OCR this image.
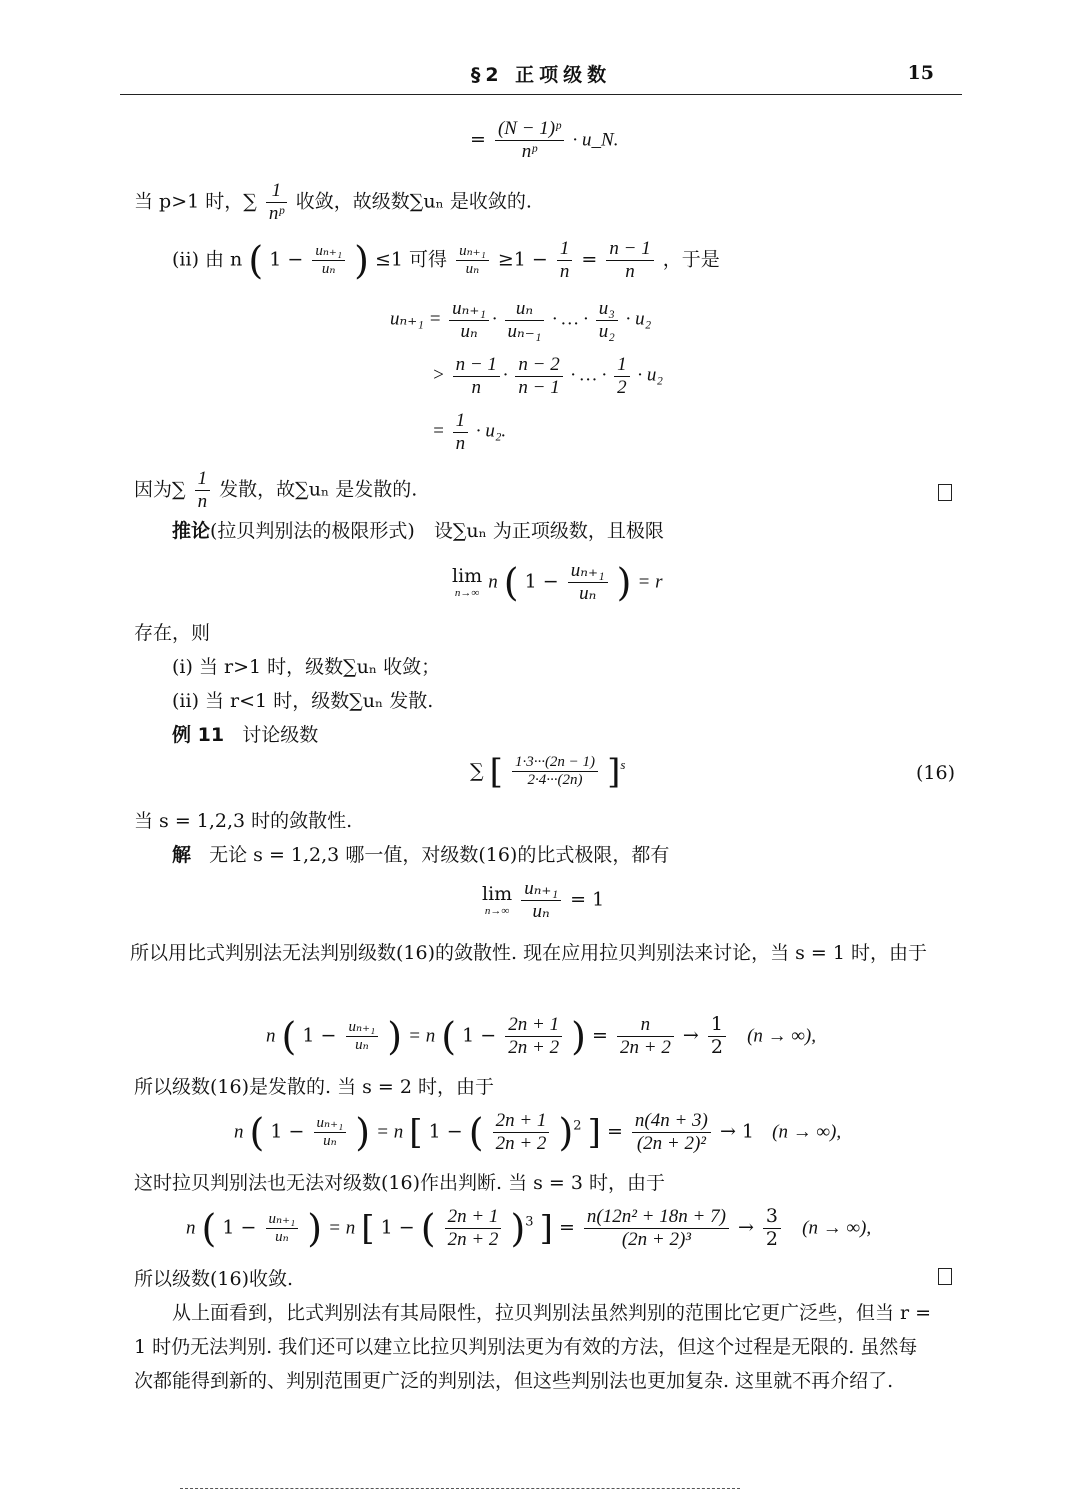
§2 正项级数	15
= $\frac{\text{(N − 1)ᵖ}}{\text{nᵖ}}$ · u_N.
当 p>1 时，∑ $\frac{1}{\text{nᵖ}}$ 收敛，故级数∑uₙ 是收敛的.
(ii) 由 n ( $1 - \frac{\text{uₙ₊₁}}{\text{uₙ}}$ ) ≤1 可得 $\frac{\text{uₙ₊₁}}{\text{uₙ}} \ge 1 - \frac{1}{n} = \frac{n - 1}{n}$ ，于是
$u_{n+1} = \frac{\text{uₙ₊₁}}{\text{uₙ}} \cdot \frac{\text{uₙ}}{\text{uₙ₋₁}}$ · … · $\frac{\text{u₃}}{\text{u₂}} \cdot u_2$
> $\frac{n - 1}{n} \cdot \frac{n - 2}{n - 1}$ · … · $\frac{1}{2} \cdot u_2$
= $\frac{1}{n} \cdot u_2$.
因为∑ $\frac{1}{n}$ 发散，故∑uₙ 是发散的.
推论(拉贝判别法的极限形式)　设∑uₙ 为正项级数，且极限
lim
n→∞
n ( $1 - \frac{\text{uₙ₊₁}}{\text{uₙ}}$ ) = r
存在，则
(i) 当 r>1 时，级数∑uₙ 收敛；
(ii) 当 r<1 时，级数∑uₙ 发散.
例 11 讨论级数
∑ [ $\frac{1\cdot 3\cdot\cdot\cdot(2n - 1)}{2\cdot 4\cdot\cdot\cdot(2n)} ]^s$	(16)
当 s = 1,2,3 时的敛散性.
解 无论 s = 1,2,3 哪一值，对级数(16)的比式极限，都有
lim
n→∞
$\frac{\text{uₙ₊₁}}{\text{uₙ}} = 1$
所以用比式判别法无法判别级数(16)的敛散性. 现在应用拉贝判别法来讨论，当 s = 1 时，由于
n ( $1 - \frac{\text{uₙ₊₁}}{\text{uₙ}}$ ) = n ( $1 - \frac{2n + 1}{2n + 2}$ ) = $\frac{n}{2n + 2} \to \frac{1}{2} (n$ → ∞),
所以级数(16)是发散的. 当 s = 2 时，由于
n ( $1 - \frac{\text{uₙ₊₁}}{\text{uₙ}}$ ) = n [ 1 − ( $\frac{2n + 1}{2n + 2} )^2$ ] = $\frac{n(4n + 3)}{\text{(2n + 2)²}} \to 1$ (n → ∞),
这时拉贝判别法也无法对级数(16)作出判断. 当 s = 3 时，由于
n ( $1 - \frac{\text{uₙ₊₁}}{\text{uₙ}}$ ) = n [ 1 − ( $\frac{2n + 1}{2n + 2} )^3$ ] = $\frac{\text{n(12n² + 18n + 7)}}{\text{(2n + 2)³}} \to \frac{3}{2} (n$ → ∞),
所以级数(16)收敛.
从上面看到，比式判别法有其局限性，拉贝判别法虽然判别的范围比它更广泛些，但当 r =
1 时仍无法判别. 我们还可以建立比拉贝判别法更为有效的方法，但这个过程是无限的. 虽然每
次都能得到新的、判别范围更广泛的判别法，但这些判别法也更加复杂. 这里就不再介绍了.
